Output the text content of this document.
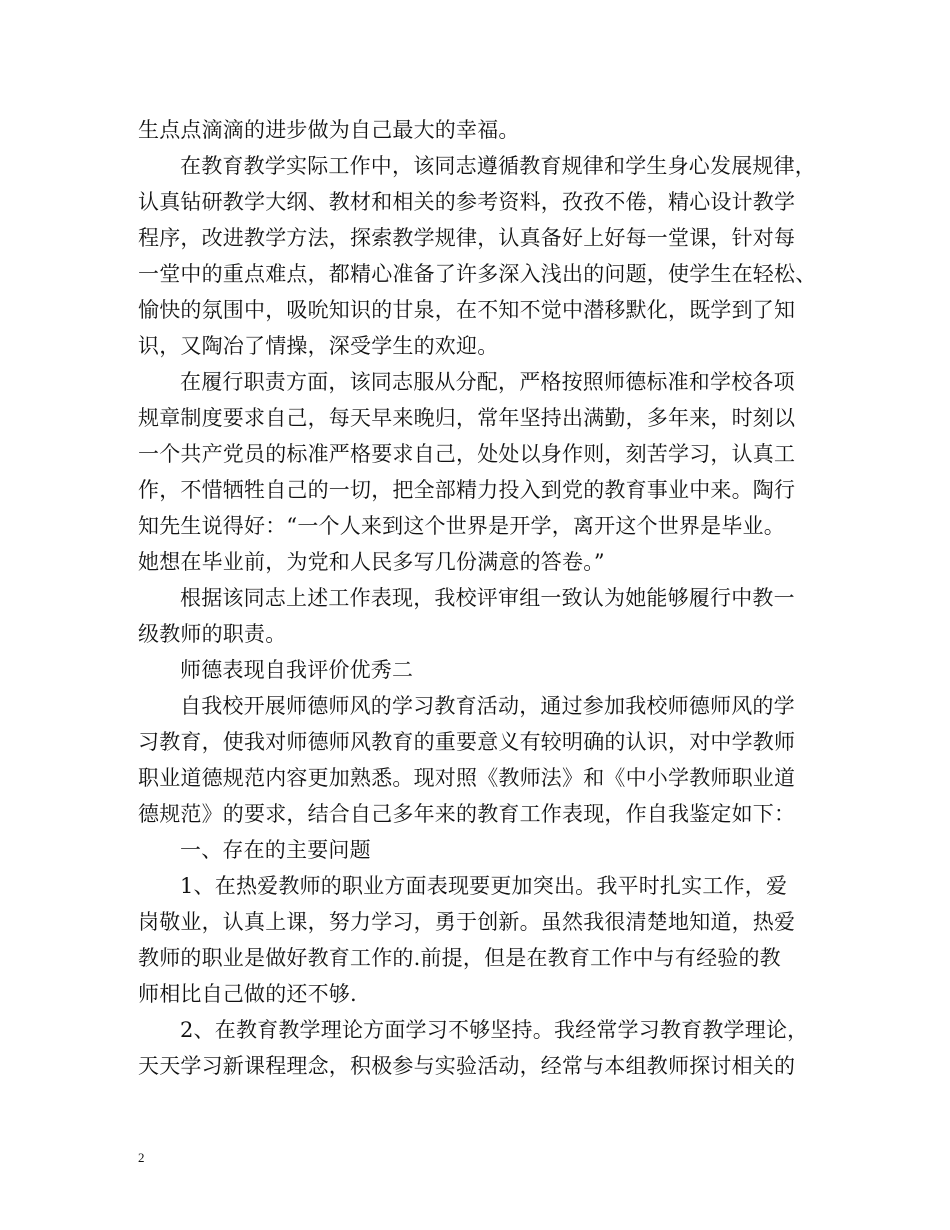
生点点滴滴的进步做为自己最大的幸福。
在教育教学实际工作中，该同志遵循教育规律和学生身心发展规律，
认真钻研教学大纲、教材和相关的参考资料，孜孜不倦，精心设计教学
程序，改进教学方法，探索教学规律，认真备好上好每一堂课，针对每
一堂中的重点难点，都精心准备了许多深入浅出的问题，使学生在轻松、
愉快的氛围中，吸吮知识的甘泉，在不知不觉中潜移默化，既学到了知
识，又陶冶了情操，深受学生的欢迎。
在履行职责方面，该同志服从分配，严格按照师德标准和学校各项
规章制度要求自己，每天早来晚归，常年坚持出满勤，多年来，时刻以
一个共产党员的标准严格要求自己，处处以身作则，刻苦学习，认真工
作，不惜牺牲自己的一切，把全部精力投入到党的教育事业中来。陶行
知先生说得好：“一个人来到这个世界是开学，离开这个世界是毕业。
她想在毕业前，为党和人民多写几份满意的答卷。”
根据该同志上述工作表现，我校评审组一致认为她能够履行中教一
级教师的职责。
师德表现自我评价优秀二
自我校开展师德师风的学习教育活动，通过参加我校师德师风的学
习教育，使我对师德师风教育的重要意义有较明确的认识，对中学教师
职业道德规范内容更加熟悉。现对照《教师法》和《中小学教师职业道
德规范》的要求，结合自己多年来的教育工作表现，作自我鉴定如下：
一、存在的主要问题
1、在热爱教师的职业方面表现要更加突出。我平时扎实工作，爱
岗敬业，认真上课，努力学习，勇于创新。虽然我很清楚地知道，热爱
教师的职业是做好教育工作的.前提，但是在教育工作中与有经验的教
师相比自己做的还不够.
2、在教育教学理论方面学习不够坚持。我经常学习教育教学理论，
天天学习新课程理念，积极参与实验活动，经常与本组教师探讨相关的
2
